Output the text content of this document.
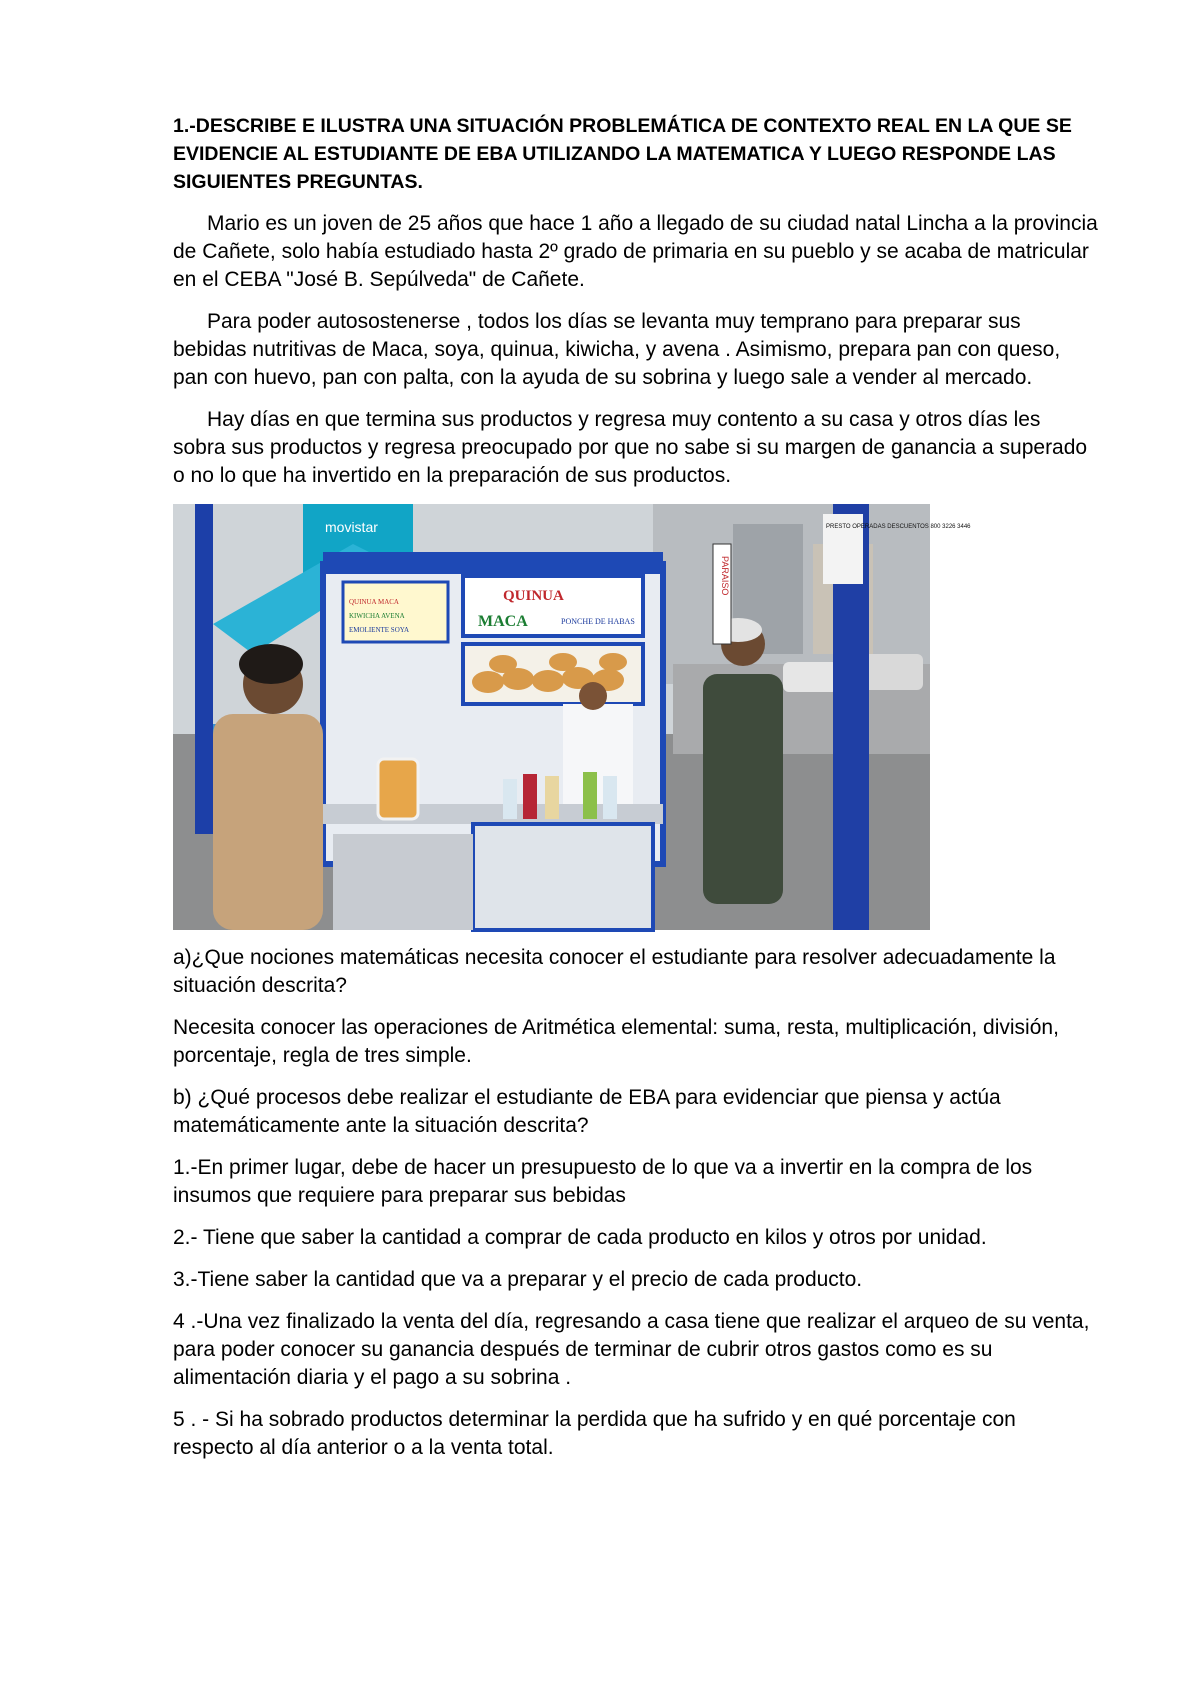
1.-DESCRIBE E ILUSTRA UNA SITUACIÓN PROBLEMÁTICA DE CONTEXTO REAL EN LA QUE SE EVIDENCIE AL ESTUDIANTE DE EBA UTILIZANDO LA MATEMATICA Y LUEGO RESPONDE LAS SIGUIENTES PREGUNTAS.

Mario es un joven de 25 años que hace 1 año a llegado de su ciudad natal Lincha a la provincia de Cañete, solo había estudiado hasta 2º grado de primaria en su pueblo y se acaba de matricular en el CEBA "José B. Sepúlveda" de Cañete.

Para poder autosostenerse , todos los días se levanta muy temprano para preparar sus bebidas nutritivas de Maca, soya, quinua, kiwicha, y avena . Asimismo, prepara pan con queso, pan con huevo, pan con palta, con la ayuda de su sobrina y luego sale a vender al mercado.

Hay días en que termina sus productos y regresa muy contento a su casa y otros días les sobra sus productos y regresa preocupado por que no sabe si su margen de ganancia a superado o no lo que ha invertido en la preparación de sus productos.

movistar
QUINUA
MACA	PONCHE DE HABAS
QUINUA MACA
KIWICHA AVENA
EMOLIENTE SOYA
PARAISO
PRESTO OPERADAS DESCUENTOS 800 3226 3446

a)¿Que nociones matemáticas necesita conocer el estudiante para resolver adecuadamente la situación descrita?

Necesita conocer las operaciones de Aritmética elemental: suma, resta, multiplicación, división, porcentaje, regla de tres simple.

b) ¿Qué procesos debe realizar el estudiante de EBA para evidenciar que piensa y actúa matemáticamente ante la situación descrita?

1.-En primer lugar, debe de hacer un presupuesto de lo que va a invertir en la compra de los insumos que requiere para preparar sus bebidas

2.- Tiene que saber la cantidad a comprar de cada producto en kilos y otros por unidad.

3.-Tiene saber la cantidad que va a preparar y el precio de cada producto.

4 .-Una vez finalizado la venta del día, regresando a casa tiene que realizar el arqueo de su venta, para poder conocer su ganancia después de terminar de cubrir otros gastos como es su alimentación diaria y el pago a su sobrina .

5 . - Si ha sobrado productos determinar la perdida que ha sufrido y en qué porcentaje con respecto al día anterior o a la venta total.
